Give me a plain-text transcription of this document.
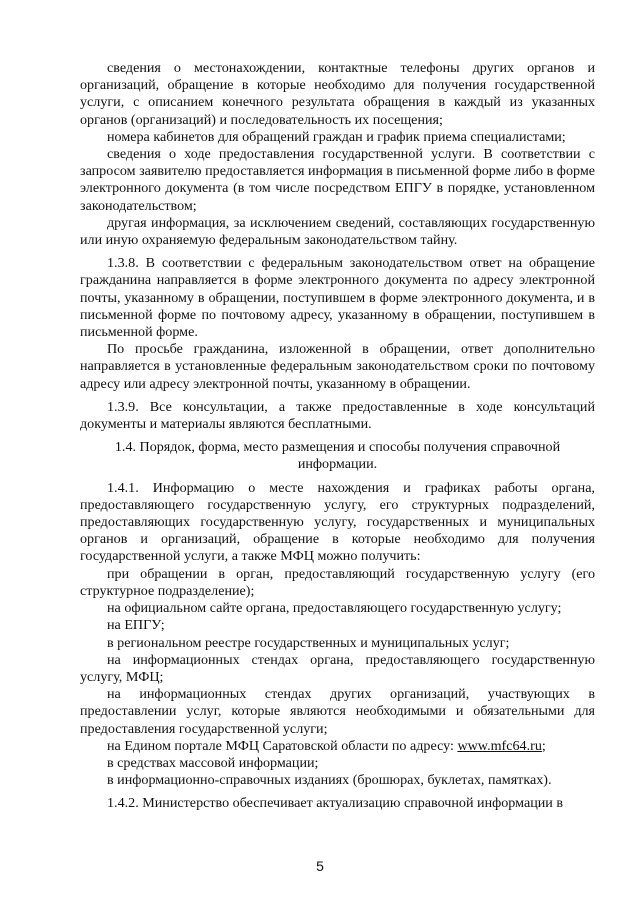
сведения о местонахождении, контактные телефоны других органов и организаций, обращение в которые необходимо для получения государственной услуги, с описанием конечного результата обращения в каждый из указанных органов (организаций) и последовательность их посещения;

номера кабинетов для обращений граждан и график приема специалистами;

сведения о ходе предоставления государственной услуги. В соответствии с запросом заявителю предоставляется информация в письменной форме либо в форме электронного документа (в том числе посредством ЕПГУ в порядке, установленном законодательством;

другая информация, за исключением сведений, составляющих государственную или иную охраняемую федеральным законодательством тайну.

1.3.8. В соответствии с федеральным законодательством ответ на обращение гражданина направляется в форме электронного документа по адресу электронной почты, указанному в обращении, поступившем в форме электронного документа, и в письменной форме по почтовому адресу, указанному в обращении, поступившем в письменной форме.

По просьбе гражданина, изложенной в обращении, ответ дополнительно направляется в установленные федеральным законодательством сроки по почтовому адресу или адресу электронной почты, указанному в обращении.

1.3.9. Все консультации, а также предоставленные в ходе консультаций документы и материалы являются бесплатными.

1.4. Порядок, форма, место размещения и способы получения справочной
информации.

1.4.1. Информацию о месте нахождения и графиках работы органа, предоставляющего государственную услугу, его структурных подразделений, предоставляющих государственную услугу, государственных и муниципальных органов и организаций, обращение в которые необходимо для получения государственной услуги, а также МФЦ можно получить:

при обращении в орган, предоставляющий государственную услугу (его структурное подразделение);

на официальном сайте органа, предоставляющего государственную услугу;

на ЕПГУ;

в региональном реестре государственных и муниципальных услуг;

на информационных стендах органа, предоставляющего государственную услугу, МФЦ;

на информационных стендах других организаций, участвующих в предоставлении услуг, которые являются необходимыми и обязательными для предоставления государственной услуги;

на Едином портале МФЦ Саратовской области по адресу: www.mfc64.ru;

в средствах массовой информации;

в информационно-справочных изданиях (брошюрах, буклетах, памятках).

1.4.2. Министерство обеспечивает актуализацию справочной информации в

5
